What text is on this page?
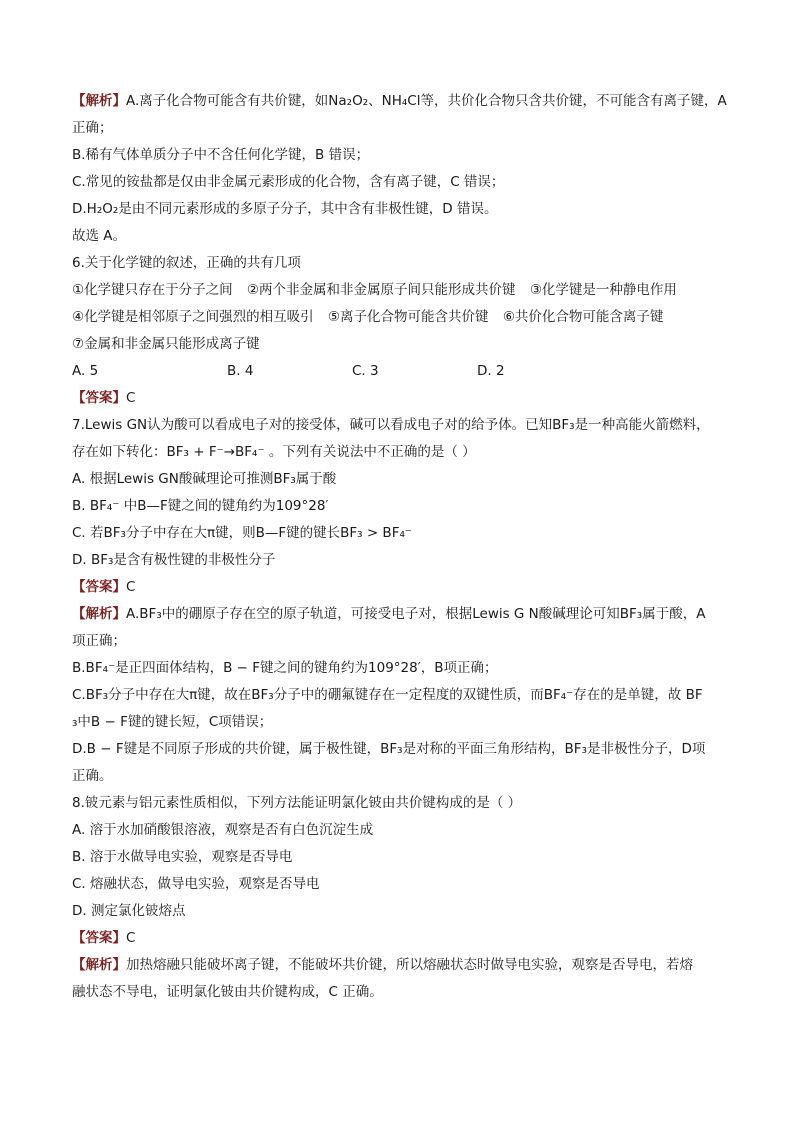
【解析】A.离子化合物可能含有共价键，如Na₂O₂、NH₄Cl等，共价化合物只含共价键，不可能含有离子键，A
正确；
B.稀有气体单质分子中不含任何化学键，B 错误；
C.常见的铵盐都是仅由非金属元素形成的化合物，含有离子键，C 错误；
D.H₂O₂是由不同元素形成的多原子分子，其中含有非极性键，D 错误。
故选 A。
6.关于化学键的叙述，正确的共有几项
①化学键只存在于分子之间 ②两个非金属和非金属原子间只能形成共价键 ③化学键是一种静电作用
④化学键是相邻原子之间强烈的相互吸引 ⑤离子化合物可能含共价键 ⑥共价化合物可能含离子键
⑦金属和非金属只能形成离子键
A. 5	B. 4	C. 3	D. 2
【答案】C
7.Lewis GN认为酸可以看成电子对的接受体，碱可以看成电子对的给予体。已知BF₃是一种高能火箭燃料，
存在如下转化：BF₃ + F⁻→BF₄⁻ 。下列有关说法中不正确的是（ ）
A. 根据Lewis GN酸碱理论可推测BF₃属于酸
B. BF₄⁻ 中B—F键之间的键角约为109°28′
C. 若BF₃分子中存在大π键，则B—F键的键长BF₃ > BF₄⁻
D. BF₃是含有极性键的非极性分子
【答案】C
【解析】A.BF₃中的硼原子存在空的原子轨道，可接受电子对，根据Lewis G N酸碱理论可知BF₃属于酸，A
项正确；
B.BF₄⁻是正四面体结构，B − F键之间的键角约为109°28′，B项正确；
C.BF₃分子中存在大π键，故在BF₃分子中的硼氟键存在一定程度的双键性质，而BF₄⁻存在的是单键，故 BF
₃中B − F键的键长短，C项错误；
D.B − F键是不同原子形成的共价键，属于极性键，BF₃是对称的平面三角形结构，BF₃是非极性分子，D项
正确。
8.铍元素与铝元素性质相似，下列方法能证明氯化铍由共价键构成的是（ ）
A. 溶于水加硝酸银溶液，观察是否有白色沉淀生成
B. 溶于水做导电实验，观察是否导电
C. 熔融状态，做导电实验，观察是否导电
D. 测定氯化铍熔点
【答案】C
【解析】加热熔融只能破坏离子键，不能破坏共价键，所以熔融状态时做导电实验，观察是否导电，若熔
融状态不导电，证明氯化铍由共价键构成，C 正确。
